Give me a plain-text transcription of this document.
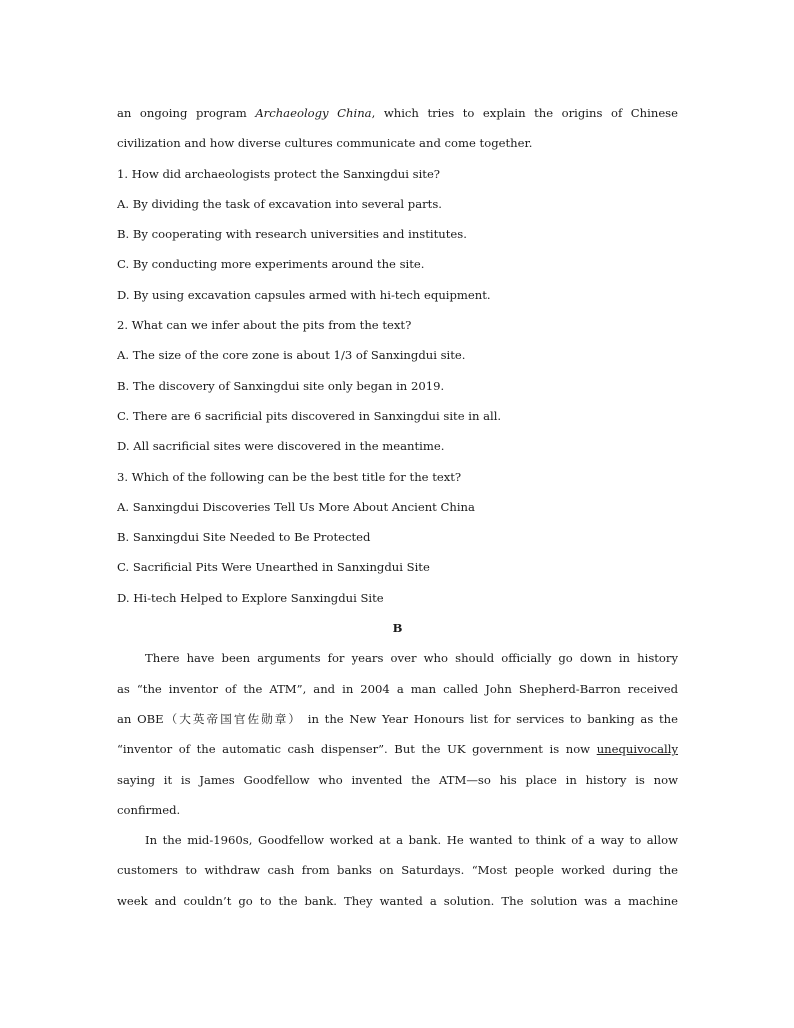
an ongoing program Archaeology China, which tries to explain the origins of Chinese
civilization and how diverse cultures communicate and come together.
1. How did archaeologists protect the Sanxingdui site?
A. By dividing the task of excavation into several parts.
B. By cooperating with research universities and institutes.
C. By conducting more experiments around the site.
D. By using excavation capsules armed with hi-tech equipment.
2. What can we infer about the pits from the text?
A. The size of the core zone is about 1/3 of Sanxingdui site.
B. The discovery of Sanxingdui site only began in 2019.
C. There are 6 sacrificial pits discovered in Sanxingdui site in all.
D. All sacrificial sites were discovered in the meantime.
3. Which of the following can be the best title for the text?
A. Sanxingdui Discoveries Tell Us More About Ancient China
B. Sanxingdui Site Needed to Be Protected
C. Sacrificial Pits Were Unearthed in Sanxingdui Site
D. Hi-tech Helped to Explore Sanxingdui Site
B
There have been arguments for years over who should officially go down in history
as “the inventor of the ATM”, and in 2004 a man called John Shepherd-Barron received
an OBE（大英帝国官佐勋章） in the New Year Honours list for services to banking as the
“inventor of the automatic cash dispenser”. But the UK government is now unequivocally
saying it is James Goodfellow who invented the ATM—so his place in history is now
confirmed.
In the mid-1960s, Goodfellow worked at a bank. He wanted to think of a way to allow
customers to withdraw cash from banks on Saturdays. “Most people worked during the
week and couldn’t go to the bank. They wanted a solution. The solution was a machine
